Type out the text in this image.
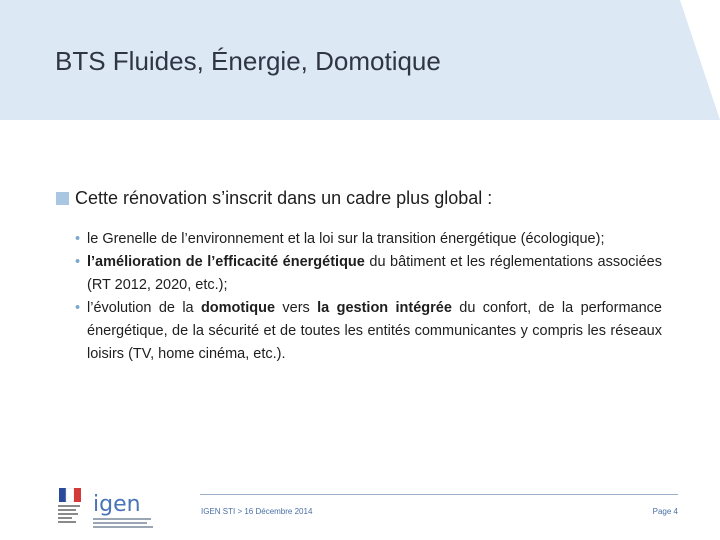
BTS Fluides, Énergie, Domotique
Cette rénovation s’inscrit dans un cadre plus global :
• le Grenelle de l’environnement et la loi sur la transition énergétique (écologique);
• l’amélioration de l’efficacité énergétique du bâtiment et les réglementations associées (RT 2012, 2020, etc.);
• l’évolution de la domotique vers la gestion intégrée du confort, de la performance énergétique, de la sécurité et de toutes les entités communicantes y compris les réseaux loisirs (TV, home cinéma, etc.).
igen	IGEN STI > 16 Décembre 2014	Page 4
